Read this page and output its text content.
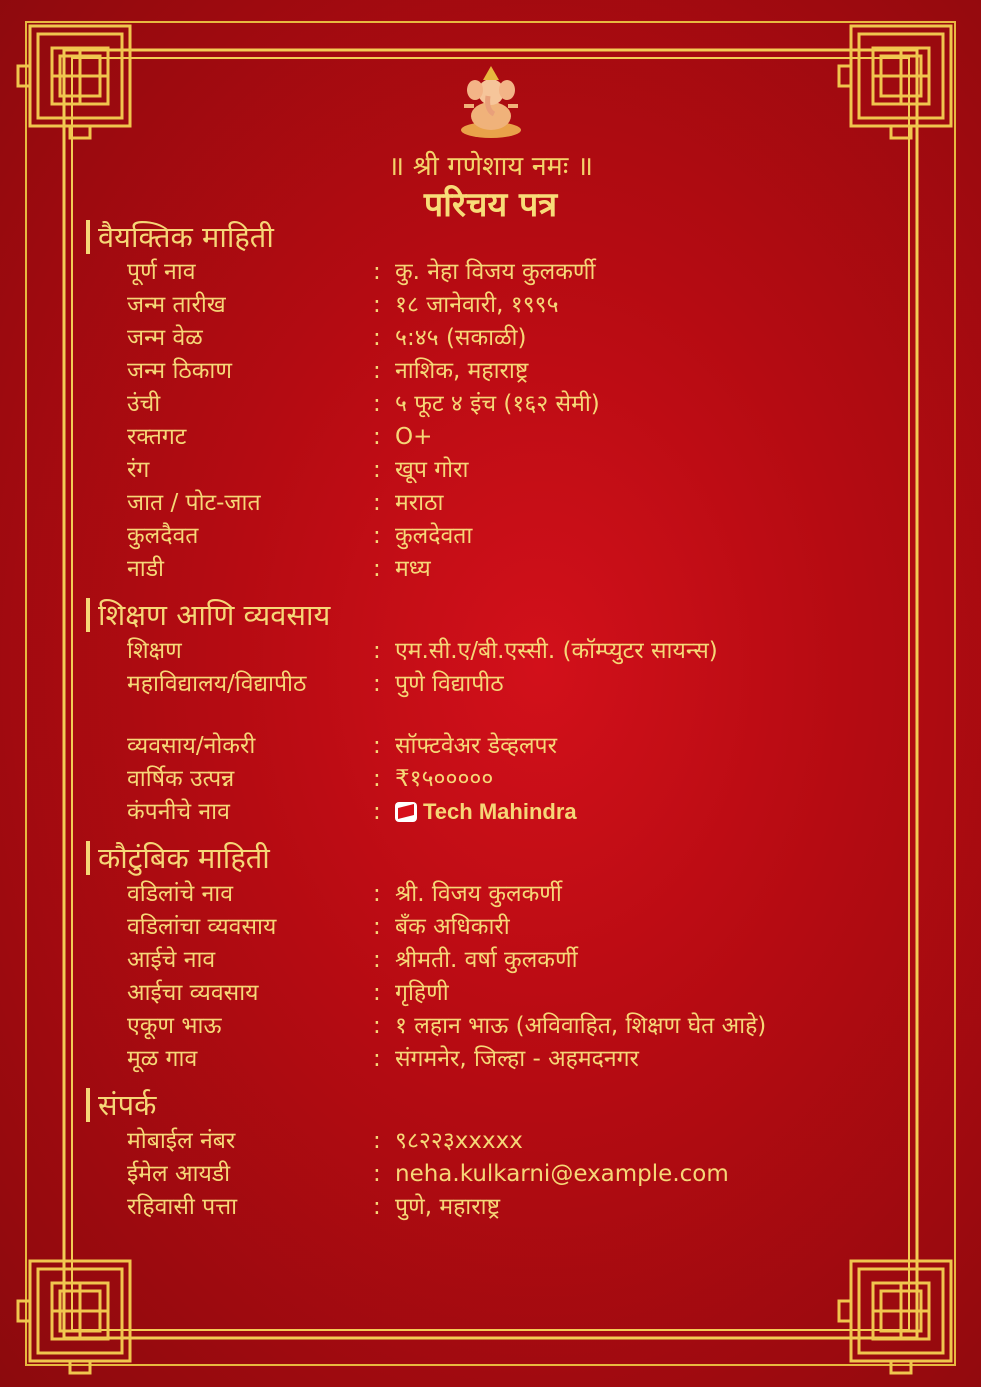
॥ श्री गणेशाय नमः ॥
परिचय पत्र
वैयक्तिक माहिती
पूर्ण नाव	: कु. नेहा विजय कुलकर्णी
जन्म तारीख	: १८ जानेवारी, १९९५
जन्म वेळ	: ५:४५ (सकाळी)
जन्म ठिकाण	: नाशिक, महाराष्ट्र
उंची	: ५ फूट ४ इंच (१६२ सेमी)
रक्तगट	: O+
रंग	: खूप गोरा
जात / पोट-जात	: मराठा
कुलदैवत	: कुलदेवता
नाडी	: मध्य
शिक्षण आणि व्यवसाय
शिक्षण	: एम.सी.ए/बी.एस्सी. (कॉम्प्युटर सायन्स)
महाविद्यालय/विद्यापीठ	: पुणे विद्यापीठ
व्यवसाय/नोकरी	: सॉफ्टवेअर डेव्हलपर
वार्षिक उत्पन्न	: ₹१५०००००
कंपनीचे नाव	:	Tech Mahindra
कौटुंबिक माहिती
वडिलांचे नाव	: श्री. विजय कुलकर्णी
वडिलांचा व्यवसाय	: बँक अधिकारी
आईचे नाव	: श्रीमती. वर्षा कुलकर्णी
आईचा व्यवसाय	: गृहिणी
एकूण भाऊ	: १ लहान भाऊ (अविवाहित, शिक्षण घेत आहे)
मूळ गाव	: संगमनेर, जिल्हा - अहमदनगर
संपर्क
मोबाईल नंबर	: ९८२२३xxxxx
ईमेल आयडी	: neha.kulkarni@example.com
रहिवासी पत्ता	: पुणे, महाराष्ट्र
